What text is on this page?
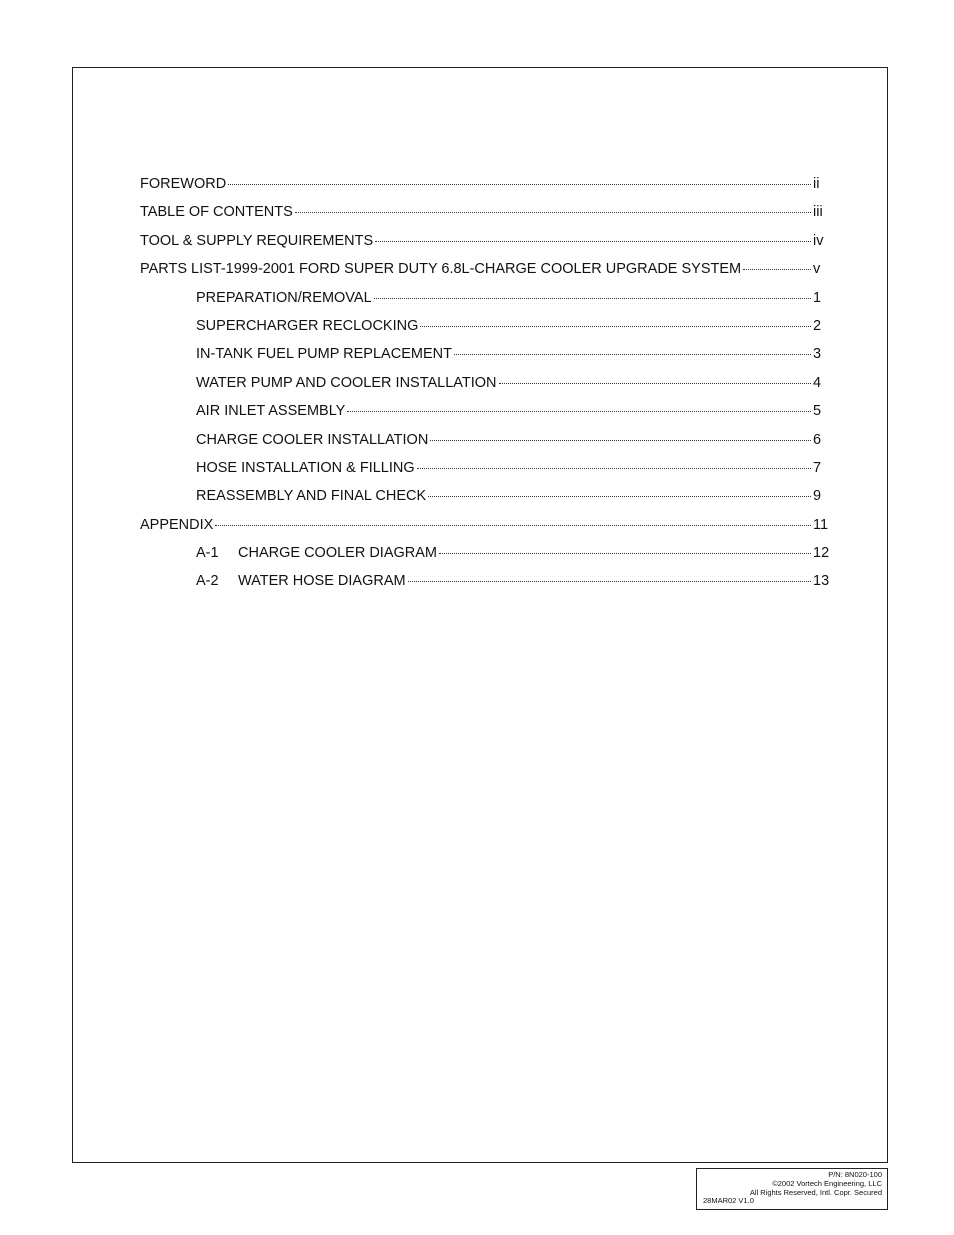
FOREWORD	ii
TABLE OF CONTENTS	iii
TOOL & SUPPLY REQUIREMENTS	iv
PARTS LIST-1999-2001 FORD SUPER DUTY 6.8L-CHARGE COOLER UPGRADE SYSTEM	v
PREPARATION/REMOVAL	1
SUPERCHARGER RECLOCKING	2
IN-TANK FUEL PUMP REPLACEMENT	3
WATER PUMP AND COOLER INSTALLATION	4
AIR INLET ASSEMBLY	5
CHARGE COOLER INSTALLATION	6
HOSE INSTALLATION & FILLING	7
REASSEMBLY AND FINAL CHECK	9
APPENDIX	11
A-1	CHARGE COOLER DIAGRAM	12
A-2	WATER HOSE DIAGRAM	13
P/N: 8N020-100
©2002 Vortech Engineering, LLC
All Rights Reserved, Intl. Copr. Secured
28MAR02 V1.0
